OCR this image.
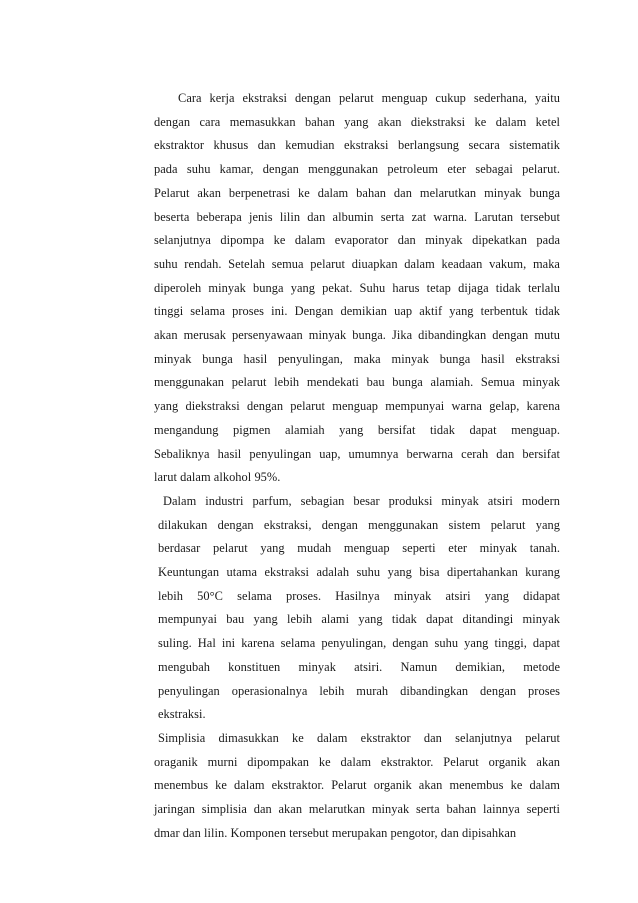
Cara kerja ekstraksi dengan pelarut menguap cukup sederhana, yaitu
dengan cara memasukkan bahan yang akan diekstraksi ke dalam ketel
ekstraktor khusus dan kemudian ekstraksi berlangsung secara sistematik
pada suhu kamar, dengan menggunakan petroleum eter sebagai pelarut.
Pelarut akan berpenetrasi ke dalam bahan dan melarutkan minyak bunga
beserta beberapa jenis lilin dan albumin serta zat warna. Larutan tersebut
selanjutnya dipompa ke dalam evaporator dan minyak dipekatkan pada
suhu rendah. Setelah semua pelarut diuapkan dalam keadaan vakum, maka
diperoleh minyak bunga yang pekat. Suhu harus tetap dijaga tidak terlalu
tinggi selama proses ini. Dengan demikian uap aktif yang terbentuk tidak
akan merusak persenyawaan minyak bunga. Jika dibandingkan dengan mutu
minyak bunga hasil penyulingan, maka minyak bunga hasil ekstraksi
menggunakan pelarut lebih mendekati bau bunga alamiah. Semua minyak
yang diekstraksi dengan pelarut menguap mempunyai warna gelap, karena
mengandung pigmen alamiah yang bersifat tidak dapat menguap.
Sebaliknya hasil penyulingan uap, umumnya berwarna cerah dan bersifat
larut dalam alkohol 95%.
Dalam industri parfum, sebagian besar produksi minyak atsiri modern
dilakukan dengan ekstraksi, dengan menggunakan sistem pelarut yang
berdasar pelarut yang mudah menguap seperti eter minyak tanah.
Keuntungan utama ekstraksi adalah suhu yang bisa dipertahankan kurang
lebih 50°C selama proses. Hasilnya minyak atsiri yang didapat
mempunyai bau yang lebih alami yang tidak dapat ditandingi minyak
suling. Hal ini karena selama penyulingan, dengan suhu yang tinggi, dapat
mengubah konstituen minyak atsiri. Namun demikian, metode
penyulingan operasionalnya lebih murah dibandingkan dengan proses
ekstraksi.
Simplisia dimasukkan ke dalam ekstraktor dan selanjutnya pelarut
oraganik murni dipompakan ke dalam ekstraktor. Pelarut organik akan
menembus ke dalam ekstraktor. Pelarut organik akan menembus ke dalam
jaringan simplisia dan akan melarutkan minyak serta bahan lainnya seperti
dmar dan lilin. Komponen tersebut merupakan pengotor, dan dipisahkan
